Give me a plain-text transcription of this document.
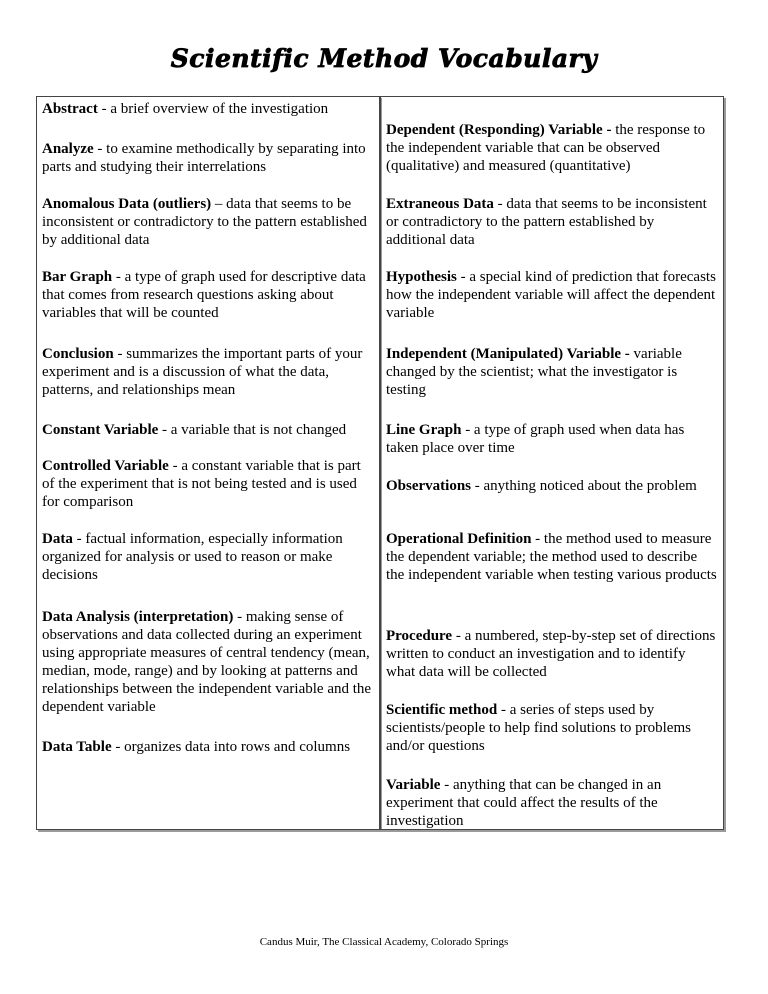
Scientific Method Vocabulary
Abstract - a brief overview of the investigation
Analyze - to examine methodically by separating into parts and studying their interrelations
Anomalous Data (outliers) – data that seems to be inconsistent or contradictory to the pattern established by additional data
Bar Graph - a type of graph used for descriptive data that comes from research questions asking about variables that will be counted
Conclusion - summarizes the important parts of your experiment and is a discussion of what the data, patterns, and relationships mean
Constant Variable - a variable that is not changed
Controlled Variable - a constant variable that is part of the experiment that is not being tested and is used for comparison
Data - factual information, especially information organized for analysis or used to reason or make decisions
Data Analysis (interpretation) - making sense of observations and data collected during an experiment using appropriate measures of central tendency (mean, median, mode, range) and by looking at patterns and relationships between the independent variable and the dependent variable
Data Table - organizes data into rows and columns
Dependent (Responding) Variable - the response to the independent variable that can be observed (qualitative) and measured (quantitative)
Extraneous Data - data that seems to be inconsistent or contradictory to the pattern established by additional data
Hypothesis - a special kind of prediction that forecasts how the independent variable will affect the dependent variable
Independent (Manipulated) Variable - variable changed by the scientist; what the investigator is testing
Line Graph - a type of graph used when data has taken place over time
Observations - anything noticed about the problem
Operational Definition - the method used to measure the dependent variable; the method used to describe the independent variable when testing various products
Procedure - a numbered, step-by-step set of directions written to conduct an investigation and to identify what data will be collected
Scientific method - a series of steps used by scientists/people to help find solutions to problems and/or questions
Variable - anything that can be changed in an experiment that could affect the results of the investigation
Candus Muir, The Classical Academy, Colorado Springs
